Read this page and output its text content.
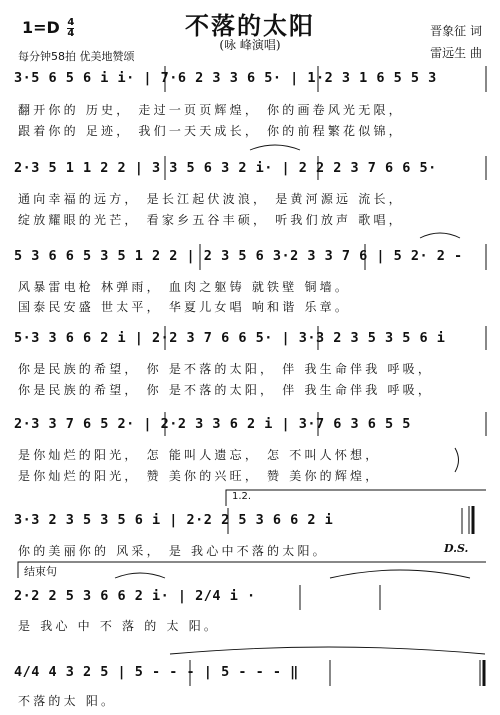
不落的太阳
(咏 峰演唱)
$1=D \frac{4}{4}$
每分钟58拍 优美地赞颂
晋象征 词
雷远生 曲
3·5 6 5 6 i i· | 7·6 2 3 3 6 5· | 1·2 3 1 6 5 5 3
翻开你的 历史， 走过一页页辉煌， 你的画卷风光无限，
跟着你的 足迹， 我们一天天成长， 你的前程繁花似锦，
2·3 5 1 1 2 2 | 3 3 5 6 3 2 i· | 2 2 2 3 7 6 6 5·
通向幸福的远方， 是长江起伏波浪， 是黄河源远 流长，
绽放耀眼的光芒， 看家乡五谷丰硕， 听我们放声 歌唱，
5 3 6 6 5 3 5 1 2 2 | 2 3 5 6 3·2 3 3 7 6 | 5 2· 2 -
风暴雷电枪 林弹雨， 血肉之躯铸 就铁壁 铜墙。
国泰民安盛 世太平， 华夏儿女唱 响和谐 乐章。
5·3 3 6 6 2 i | 2·2 3 7 6 6 5· | 3·3 2 3 5 3 5 6 i
你是民族的希望， 你 是不落的太阳， 伴 我生命伴我 呼吸，
你是民族的希望， 你 是不落的太阳， 伴 我生命伴我 呼吸，
2·3 3 7 6 5 2· | 2·2 3 3 6 2 i | 3·7 6 3 6 5 5
是你灿烂的阳光， 怎 能叫人遗忘， 怎 不叫人怀想，
是你灿烂的阳光， 赞 美你的兴旺， 赞 美你的辉煌，
1.2.
3·3 2 3 5 3 5 6 i | 2·2 2 5 3 6 6 2 i
你的美丽你的 风采， 是 我心中不落的太阳。	D.S.
结束句
2·2 2 5 3 6 6 2 i· | 2/4 i ·
是 我心 中 不 落 的 太 阳。
4/4 4 3 2 5 | 5 - - - | 5 - - - ‖
不落的太 阳。
